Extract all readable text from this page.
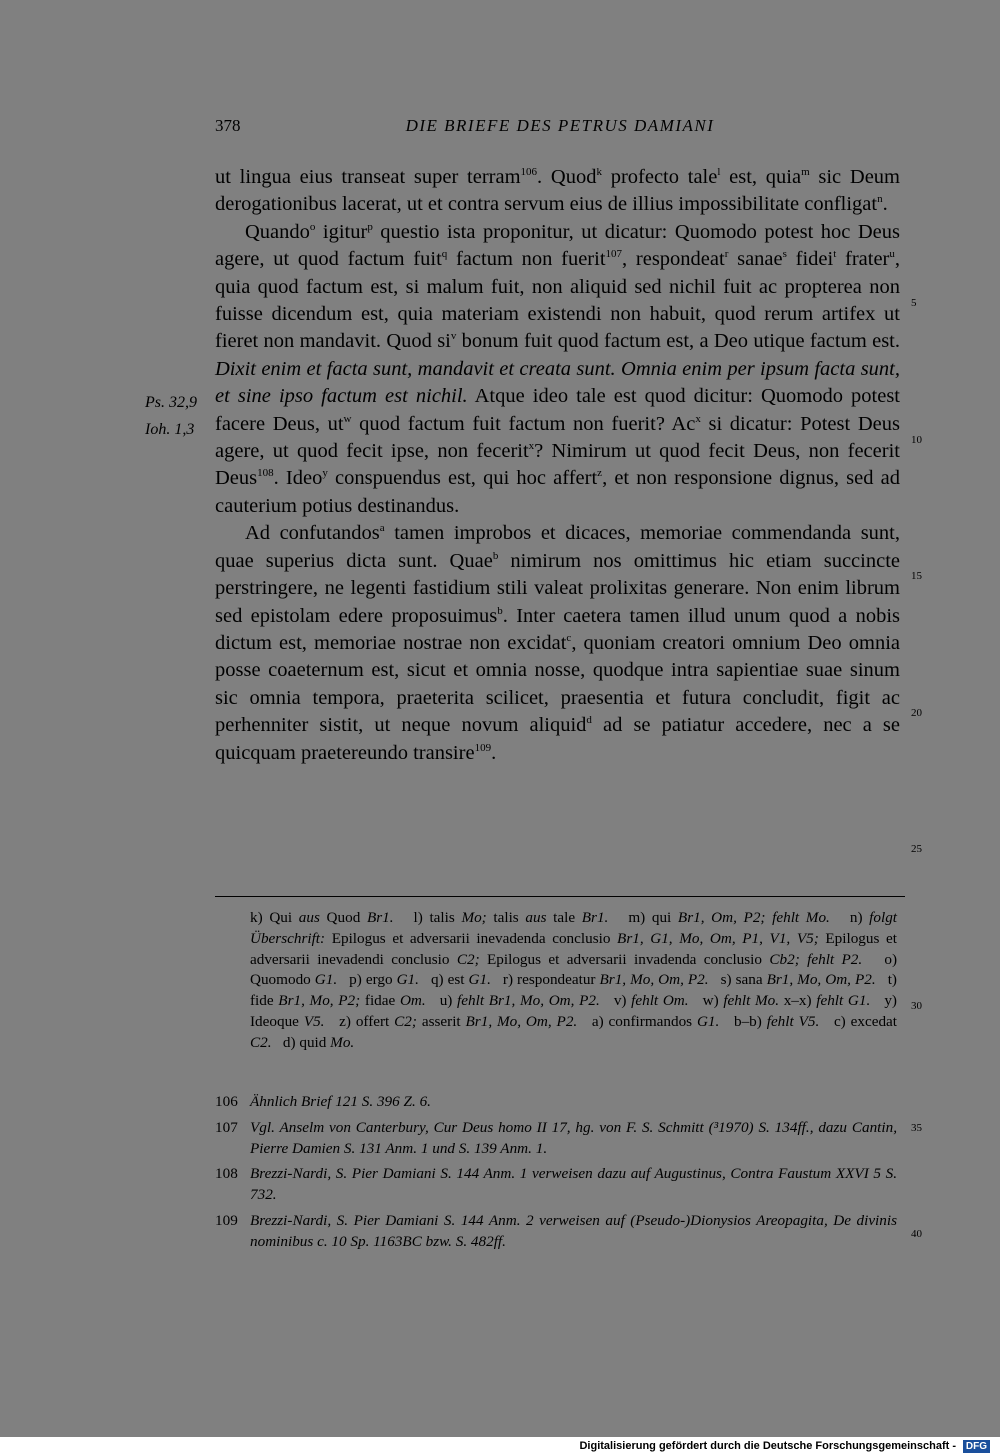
378	DIE BRIEFE DES PETRUS DAMIANI

ut lingua eius transeat super terram$^{106}$. Quod$^k$ profecto tale$^l$ est, quia$^m$ sic Deum derogationibus lacerat, ut et contra servum eius de illius impossibilitate confligat$^n$.

Quando$^o$ igitur$^p$ questio ista proponitur, ut dicatur: Quomodo potest hoc Deus agere, ut quod factum fuit$^q$ factum non fuerit$^{107}$, respondeat$^r$ sanae$^s$ fidei$^t$ frater$^u$, quia quod factum est, si malum fuit, non aliquid sed nichil fuit ac propterea non fuisse dicendum est, quia materiam existendi non habuit, quod rerum artifex ut fieret non mandavit. Quod $si^v$ bonum fuit quod factum est, a Deo utique factum est. Dixit enim et facta sunt, mandavit et creata sunt. Omnia enim per ipsum facta sunt, et sine ipso factum est nichil. Atque ideo tale est quod dicitur: Quomodo potest facere Deus, $ut^w$ quod factum fuit factum non fuerit? Ac$^x$ si dicatur: Potest Deus agere, ut quod fecit ipse, non fecerit$^x$? Nimirum ut quod fecit Deus, non fecerit Deus$^{108}$. Ideo$^y$ conspuendus est, qui hoc affert$^z$, et non responsione dignus, sed ad cauterium potius destinandus.

Ad confutandos$^a$ tamen improbos et dicaces, memoriae commendanda sunt, quae superius dicta sunt. Quae$^b$ nimirum nos omittimus hic etiam succincte perstringere, ne legenti fastidium stili valeat prolixitas generare. Non enim librum sed epistolam edere proposuimus$^b$. Inter caetera tamen illud unum quod a nobis dictum est, memoriae nostrae non excidat$^c$, quoniam creatori omnium Deo omnia posse coaeternum est, sicut et omnia nosse, quodque intra sapientiae suae sinum sic omnia tempora, praeterita scilicet, praesentia et futura concludit, figit ac perhenniter sistit, ut neque novum aliquid$^d$ ad se patiatur accedere, nec a se quicquam praetereundo transire$^{109}$.

Ps. 32,9
Ioh. 1,3
5
10
15
20
25
30
35
40
k) Qui aus Quod Br1.   l) talis Mo; talis aus tale Br1.   m) qui Br1, Om, P2; fehlt Mo.   n) folgt Überschrift: Epilogus et adversarii inevadenda conclusio Br1, G1, Mo, Om, P1, V1, V5; Epilogus et adversarii inevadendi conclusio C2; Epilogus et adversarii invadenda conclusio Cb2; fehlt P2.   o) Quomodo G1.   p) ergo G1.   q) est G1.   r) respondeatur Br1, Mo, Om, P2.   s) sana Br1, Mo, Om, P2.   t) fide Br1, Mo, P2; fidae Om.   u) fehlt Br1, Mo, Om, P2.   v) fehlt Om.   w) fehlt Mo. x–x) fehlt G1.   y) Ideoque V5.   z) offert C2; asserit Br1, Mo, Om, P2.   a) confirmandos G1.   b–b) fehlt V5.   c) excedat C2.   d) quid Mo.
106 Ähnlich Brief 121 S. 396 Z. 6.
107 Vgl. Anselm von Canterbury, Cur Deus homo II 17, hg. von F. S. Schmitt (³1970) S. 134ff., dazu Cantin, Pierre Damien S. 131 Anm. 1 und S. 139 Anm. 1.
108 Brezzi-Nardi, S. Pier Damiani S. 144 Anm. 1 verweisen dazu auf Augustinus, Contra Faustum XXVI 5 S. 732.
109 Brezzi-Nardi, S. Pier Damiani S. 144 Anm. 2 verweisen auf (Pseudo-)Dionysios Areopagita, De divinis nominibus c. 10 Sp. 1163BC bzw. S. 482ff.
Digitalisierung gefördert durch die Deutsche Forschungsgemeinschaft - DFG
